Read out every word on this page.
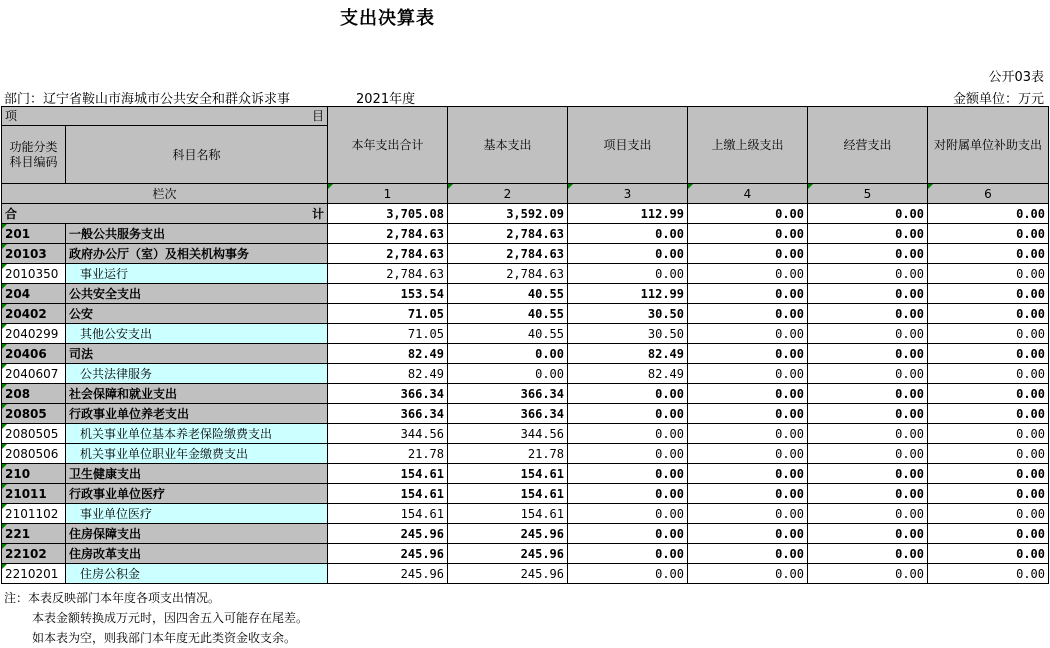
支出决算表
公开03表
部门：辽宁省鞍山市海城市公共安全和群众诉求事	2021年度	金额单位：万元
项 目		本年支出合计	基本支出	项目支出	上缴上级支出	经营支出	对附属单位补助支出
功能分类科目编码	科目名称						
栏次		1	2	3	4	5	6

合 计		3,705.08	3,592.09	112.99	0.00	0.00	0.00
201	一般公共服务支出	2,784.63	2,784.63	0.00	0.00	0.00	0.00
20103	政府办公厅（室）及相关机构事务	2,784.63	2,784.63	0.00	0.00	0.00	0.00
2010350	事业运行	2,784.63	2,784.63	0.00	0.00	0.00	0.00
204	公共安全支出	153.54	40.55	112.99	0.00	0.00	0.00
20402	公安	71.05	40.55	30.50	0.00	0.00	0.00
2040299	其他公安支出	71.05	40.55	30.50	0.00	0.00	0.00
20406	司法	82.49	0.00	82.49	0.00	0.00	0.00
2040607	公共法律服务	82.49	0.00	82.49	0.00	0.00	0.00
208	社会保障和就业支出	366.34	366.34	0.00	0.00	0.00	0.00
20805	行政事业单位养老支出	366.34	366.34	0.00	0.00	0.00	0.00
2080505	机关事业单位基本养老保险缴费支出	344.56	344.56	0.00	0.00	0.00	0.00
2080506	机关事业单位职业年金缴费支出	21.78	21.78	0.00	0.00	0.00	0.00
210	卫生健康支出	154.61	154.61	0.00	0.00	0.00	0.00
21011	行政事业单位医疗	154.61	154.61	0.00	0.00	0.00	0.00
2101102	事业单位医疗	154.61	154.61	0.00	0.00	0.00	0.00
221	住房保障支出	245.96	245.96	0.00	0.00	0.00	0.00
22102	住房改革支出	245.96	245.96	0.00	0.00	0.00	0.00
2210201	住房公积金	245.96	245.96	0.00	0.00	0.00	0.00
注：本表反映部门本年度各项支出情况。
本表金额转换成万元时，因四舍五入可能存在尾差。
如本表为空，则我部门本年度无此类资金收支余。
